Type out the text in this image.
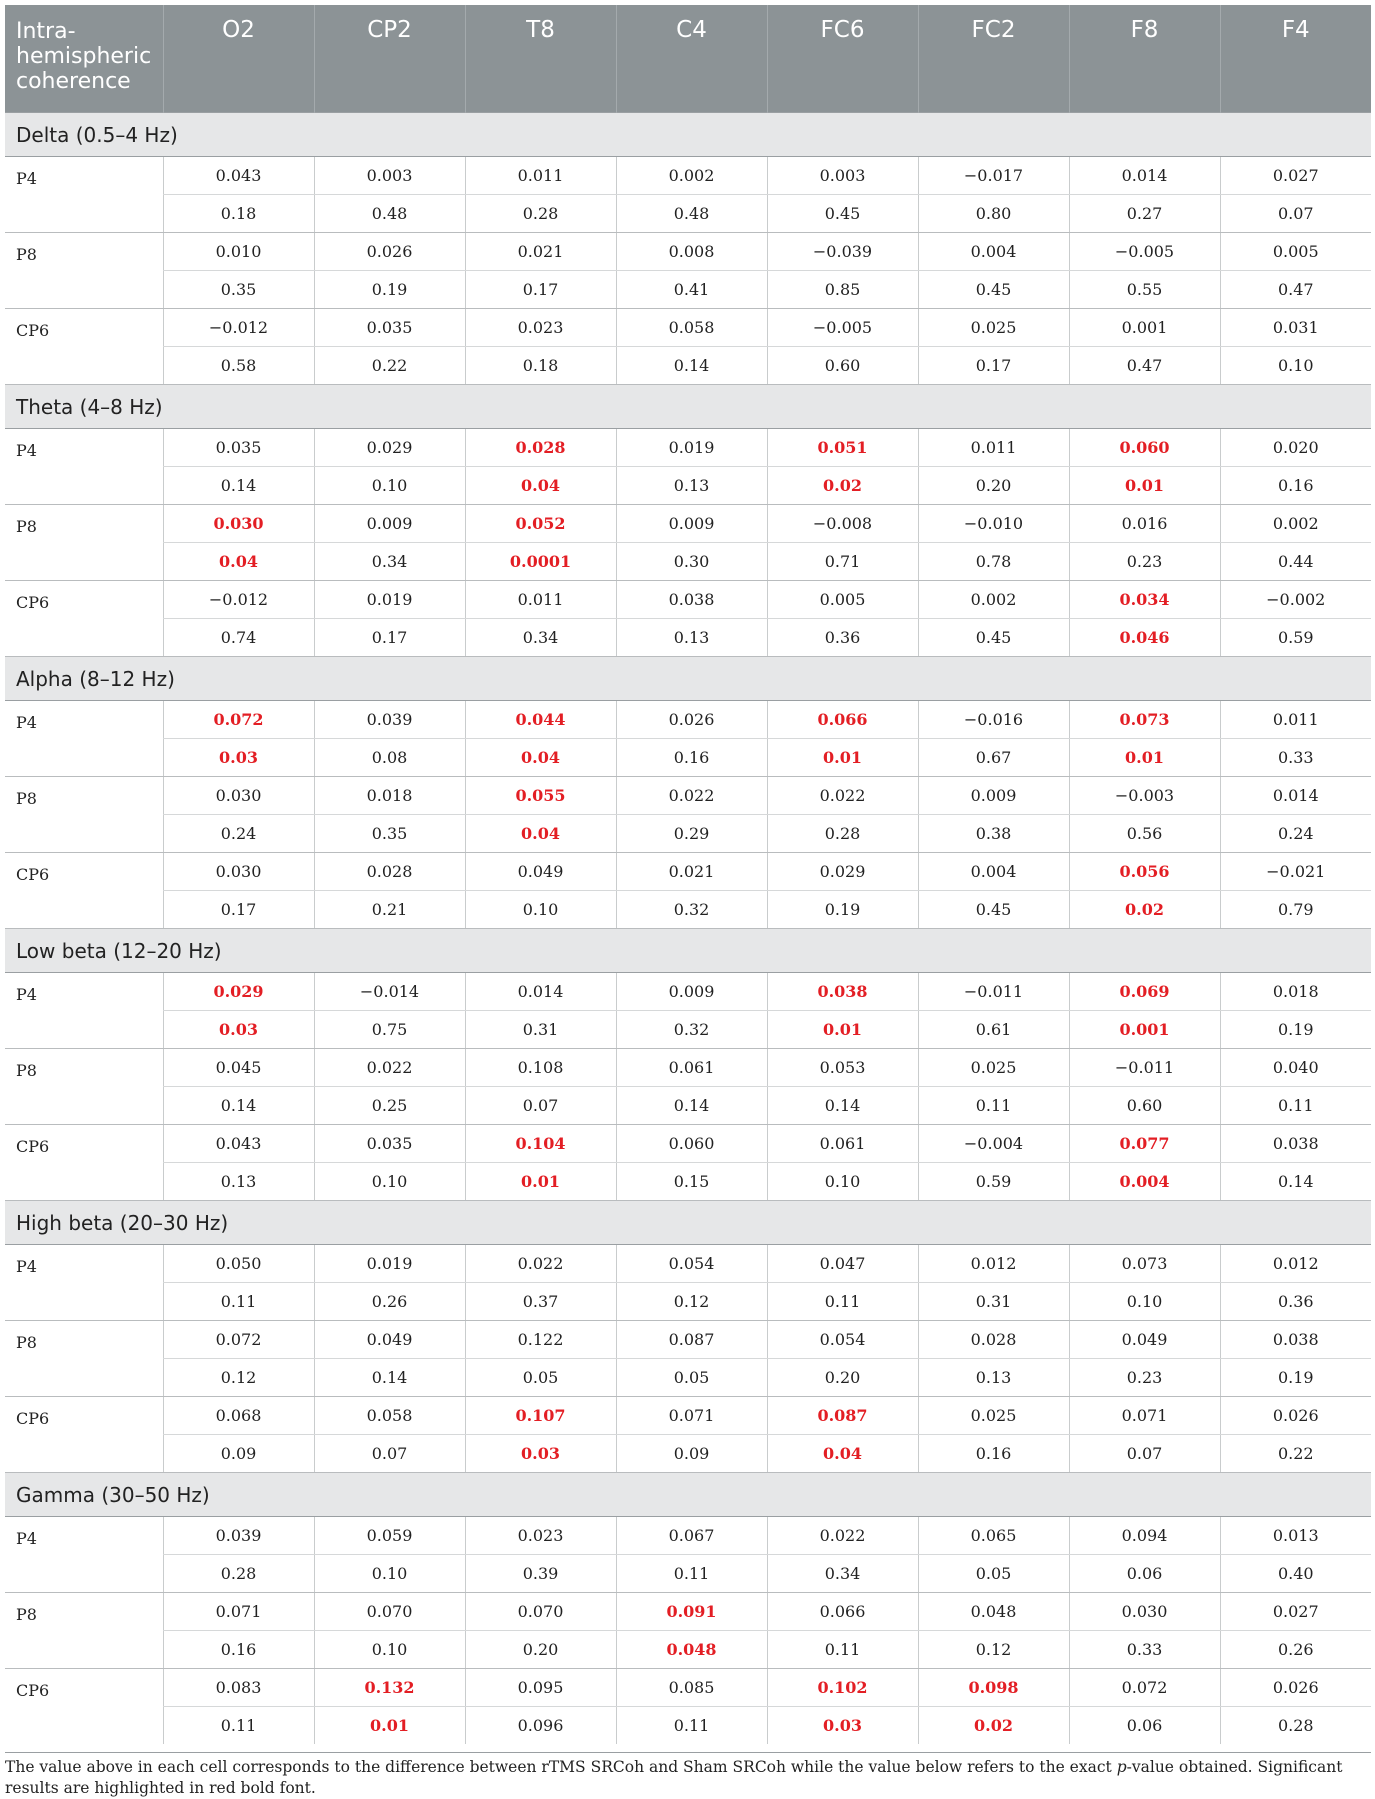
Intra-hemispheric coherence	O2	CP2	T8	C4	FC6	FC2	F8	F4
Delta (0.5–4 Hz)								
P4	0.043	0.003	0.011	0.002	0.003	−0.017	0.014	0.027
	0.18	0.48	0.28	0.48	0.45	0.80	0.27	0.07
P8	0.010	0.026	0.021	0.008	−0.039	0.004	−0.005	0.005
	0.35	0.19	0.17	0.41	0.85	0.45	0.55	0.47
CP6	−0.012	0.035	0.023	0.058	−0.005	0.025	0.001	0.031
	0.58	0.22	0.18	0.14	0.60	0.17	0.47	0.10
Theta (4–8 Hz)								
P4	0.035	0.029	0.028	0.019	0.051	0.011	0.060	0.020
	0.14	0.10	0.04	0.13	0.02	0.20	0.01	0.16
P8	0.030	0.009	0.052	0.009	−0.008	−0.010	0.016	0.002
	0.04	0.34	0.0001	0.30	0.71	0.78	0.23	0.44
CP6	−0.012	0.019	0.011	0.038	0.005	0.002	0.034	−0.002
	0.74	0.17	0.34	0.13	0.36	0.45	0.046	0.59
Alpha (8–12 Hz)								
P4	0.072	0.039	0.044	0.026	0.066	−0.016	0.073	0.011
	0.03	0.08	0.04	0.16	0.01	0.67	0.01	0.33
P8	0.030	0.018	0.055	0.022	0.022	0.009	−0.003	0.014
	0.24	0.35	0.04	0.29	0.28	0.38	0.56	0.24
CP6	0.030	0.028	0.049	0.021	0.029	0.004	0.056	−0.021
	0.17	0.21	0.10	0.32	0.19	0.45	0.02	0.79
Low beta (12–20 Hz)								
P4	0.029	−0.014	0.014	0.009	0.038	−0.011	0.069	0.018
	0.03	0.75	0.31	0.32	0.01	0.61	0.001	0.19
P8	0.045	0.022	0.108	0.061	0.053	0.025	−0.011	0.040
	0.14	0.25	0.07	0.14	0.14	0.11	0.60	0.11
CP6	0.043	0.035	0.104	0.060	0.061	−0.004	0.077	0.038
	0.13	0.10	0.01	0.15	0.10	0.59	0.004	0.14
High beta (20–30 Hz)								
P4	0.050	0.019	0.022	0.054	0.047	0.012	0.073	0.012
	0.11	0.26	0.37	0.12	0.11	0.31	0.10	0.36
P8	0.072	0.049	0.122	0.087	0.054	0.028	0.049	0.038
	0.12	0.14	0.05	0.05	0.20	0.13	0.23	0.19
CP6	0.068	0.058	0.107	0.071	0.087	0.025	0.071	0.026
	0.09	0.07	0.03	0.09	0.04	0.16	0.07	0.22
Gamma (30–50 Hz)								
P4	0.039	0.059	0.023	0.067	0.022	0.065	0.094	0.013
	0.28	0.10	0.39	0.11	0.34	0.05	0.06	0.40
P8	0.071	0.070	0.070	0.091	0.066	0.048	0.030	0.027
	0.16	0.10	0.20	0.048	0.11	0.12	0.33	0.26
CP6	0.083	0.132	0.095	0.085	0.102	0.098	0.072	0.026
	0.11	0.01	0.096	0.11	0.03	0.02	0.06	0.28
The value above in each cell corresponds to the difference between rTMS SRCoh and Sham SRCoh while the value below refers to the exact p-value obtained. Significant results are highlighted in red bold font.
